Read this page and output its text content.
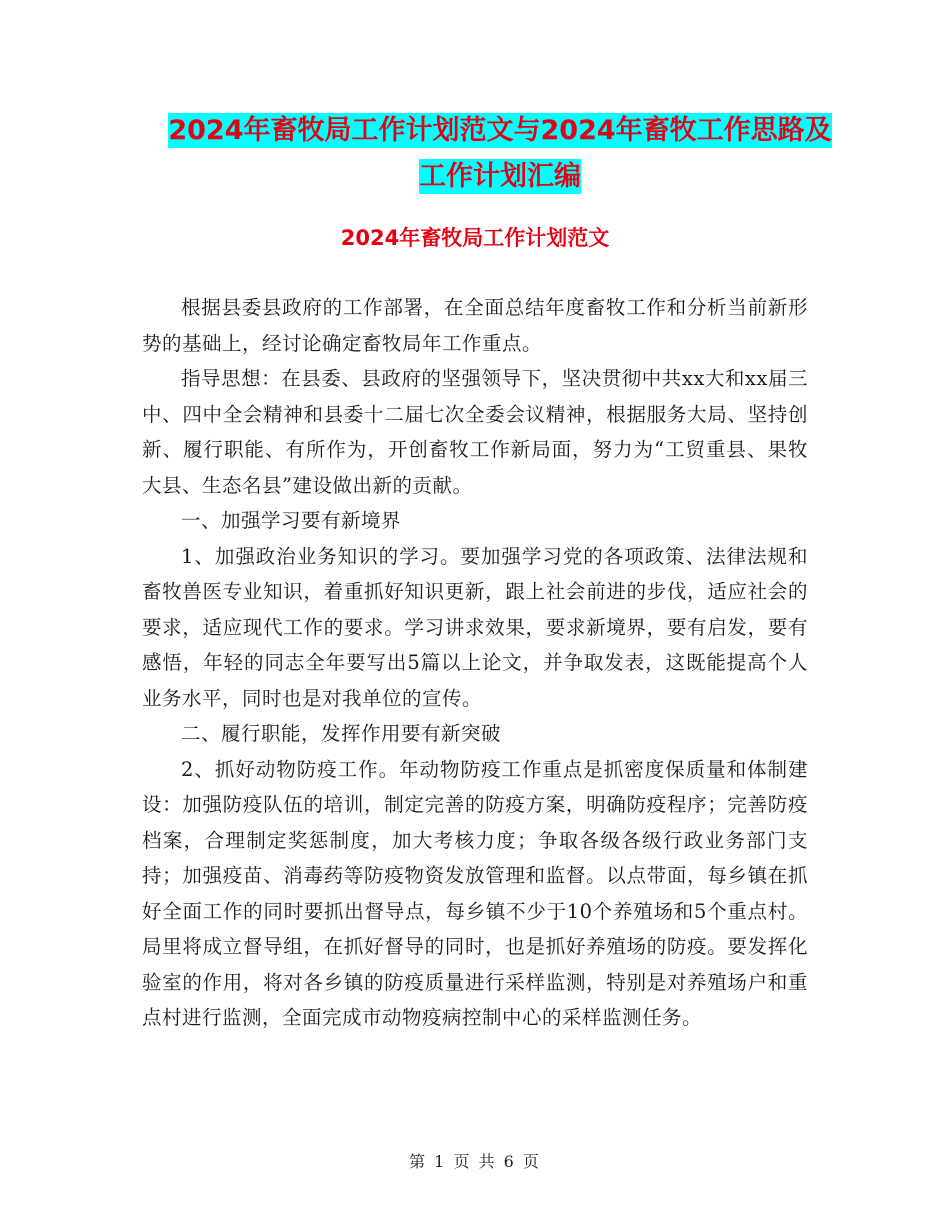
2024年畜牧局工作计划范文与2024年畜牧工作思路及
工作计划汇编
2024年畜牧局工作计划范文

根据县委县政府的工作部署，在全面总结年度畜牧工作和分析当前新形势的基础上，经讨论确定畜牧局年工作重点。

指导思想：在县委、县政府的坚强领导下，坚决贯彻中共xx大和xx届三中、四中全会精神和县委十二届七次全委会议精神，根据服务大局、坚持创新、履行职能、有所作为，开创畜牧工作新局面，努力为“工贸重县、果牧大县、生态名县”建设做出新的贡献。

一、加强学习要有新境界

1、加强政治业务知识的学习。要加强学习党的各项政策、法律法规和畜牧兽医专业知识，着重抓好知识更新，跟上社会前进的步伐，适应社会的要求，适应现代工作的要求。学习讲求效果，要求新境界，要有启发，要有感悟，年轻的同志全年要写出5篇以上论文，并争取发表，这既能提高个人业务水平，同时也是对我单位的宣传。

二、履行职能，发挥作用要有新突破

2、抓好动物防疫工作。年动物防疫工作重点是抓密度保质量和体制建设：加强防疫队伍的培训，制定完善的防疫方案，明确防疫程序；完善防疫档案，合理制定奖惩制度，加大考核力度；争取各级各级行政业务部门支持；加强疫苗、消毒药等防疫物资发放管理和监督。以点带面，每乡镇在抓好全面工作的同时要抓出督导点，每乡镇不少于10个养殖场和5个重点村。局里将成立督导组，在抓好督导的同时，也是抓好养殖场的防疫。要发挥化验室的作用，将对各乡镇的防疫质量进行采样监测，特别是对养殖场户和重点村进行监测，全面完成市动物疫病控制中心的采样监测任务。

第 1 页 共 6 页
